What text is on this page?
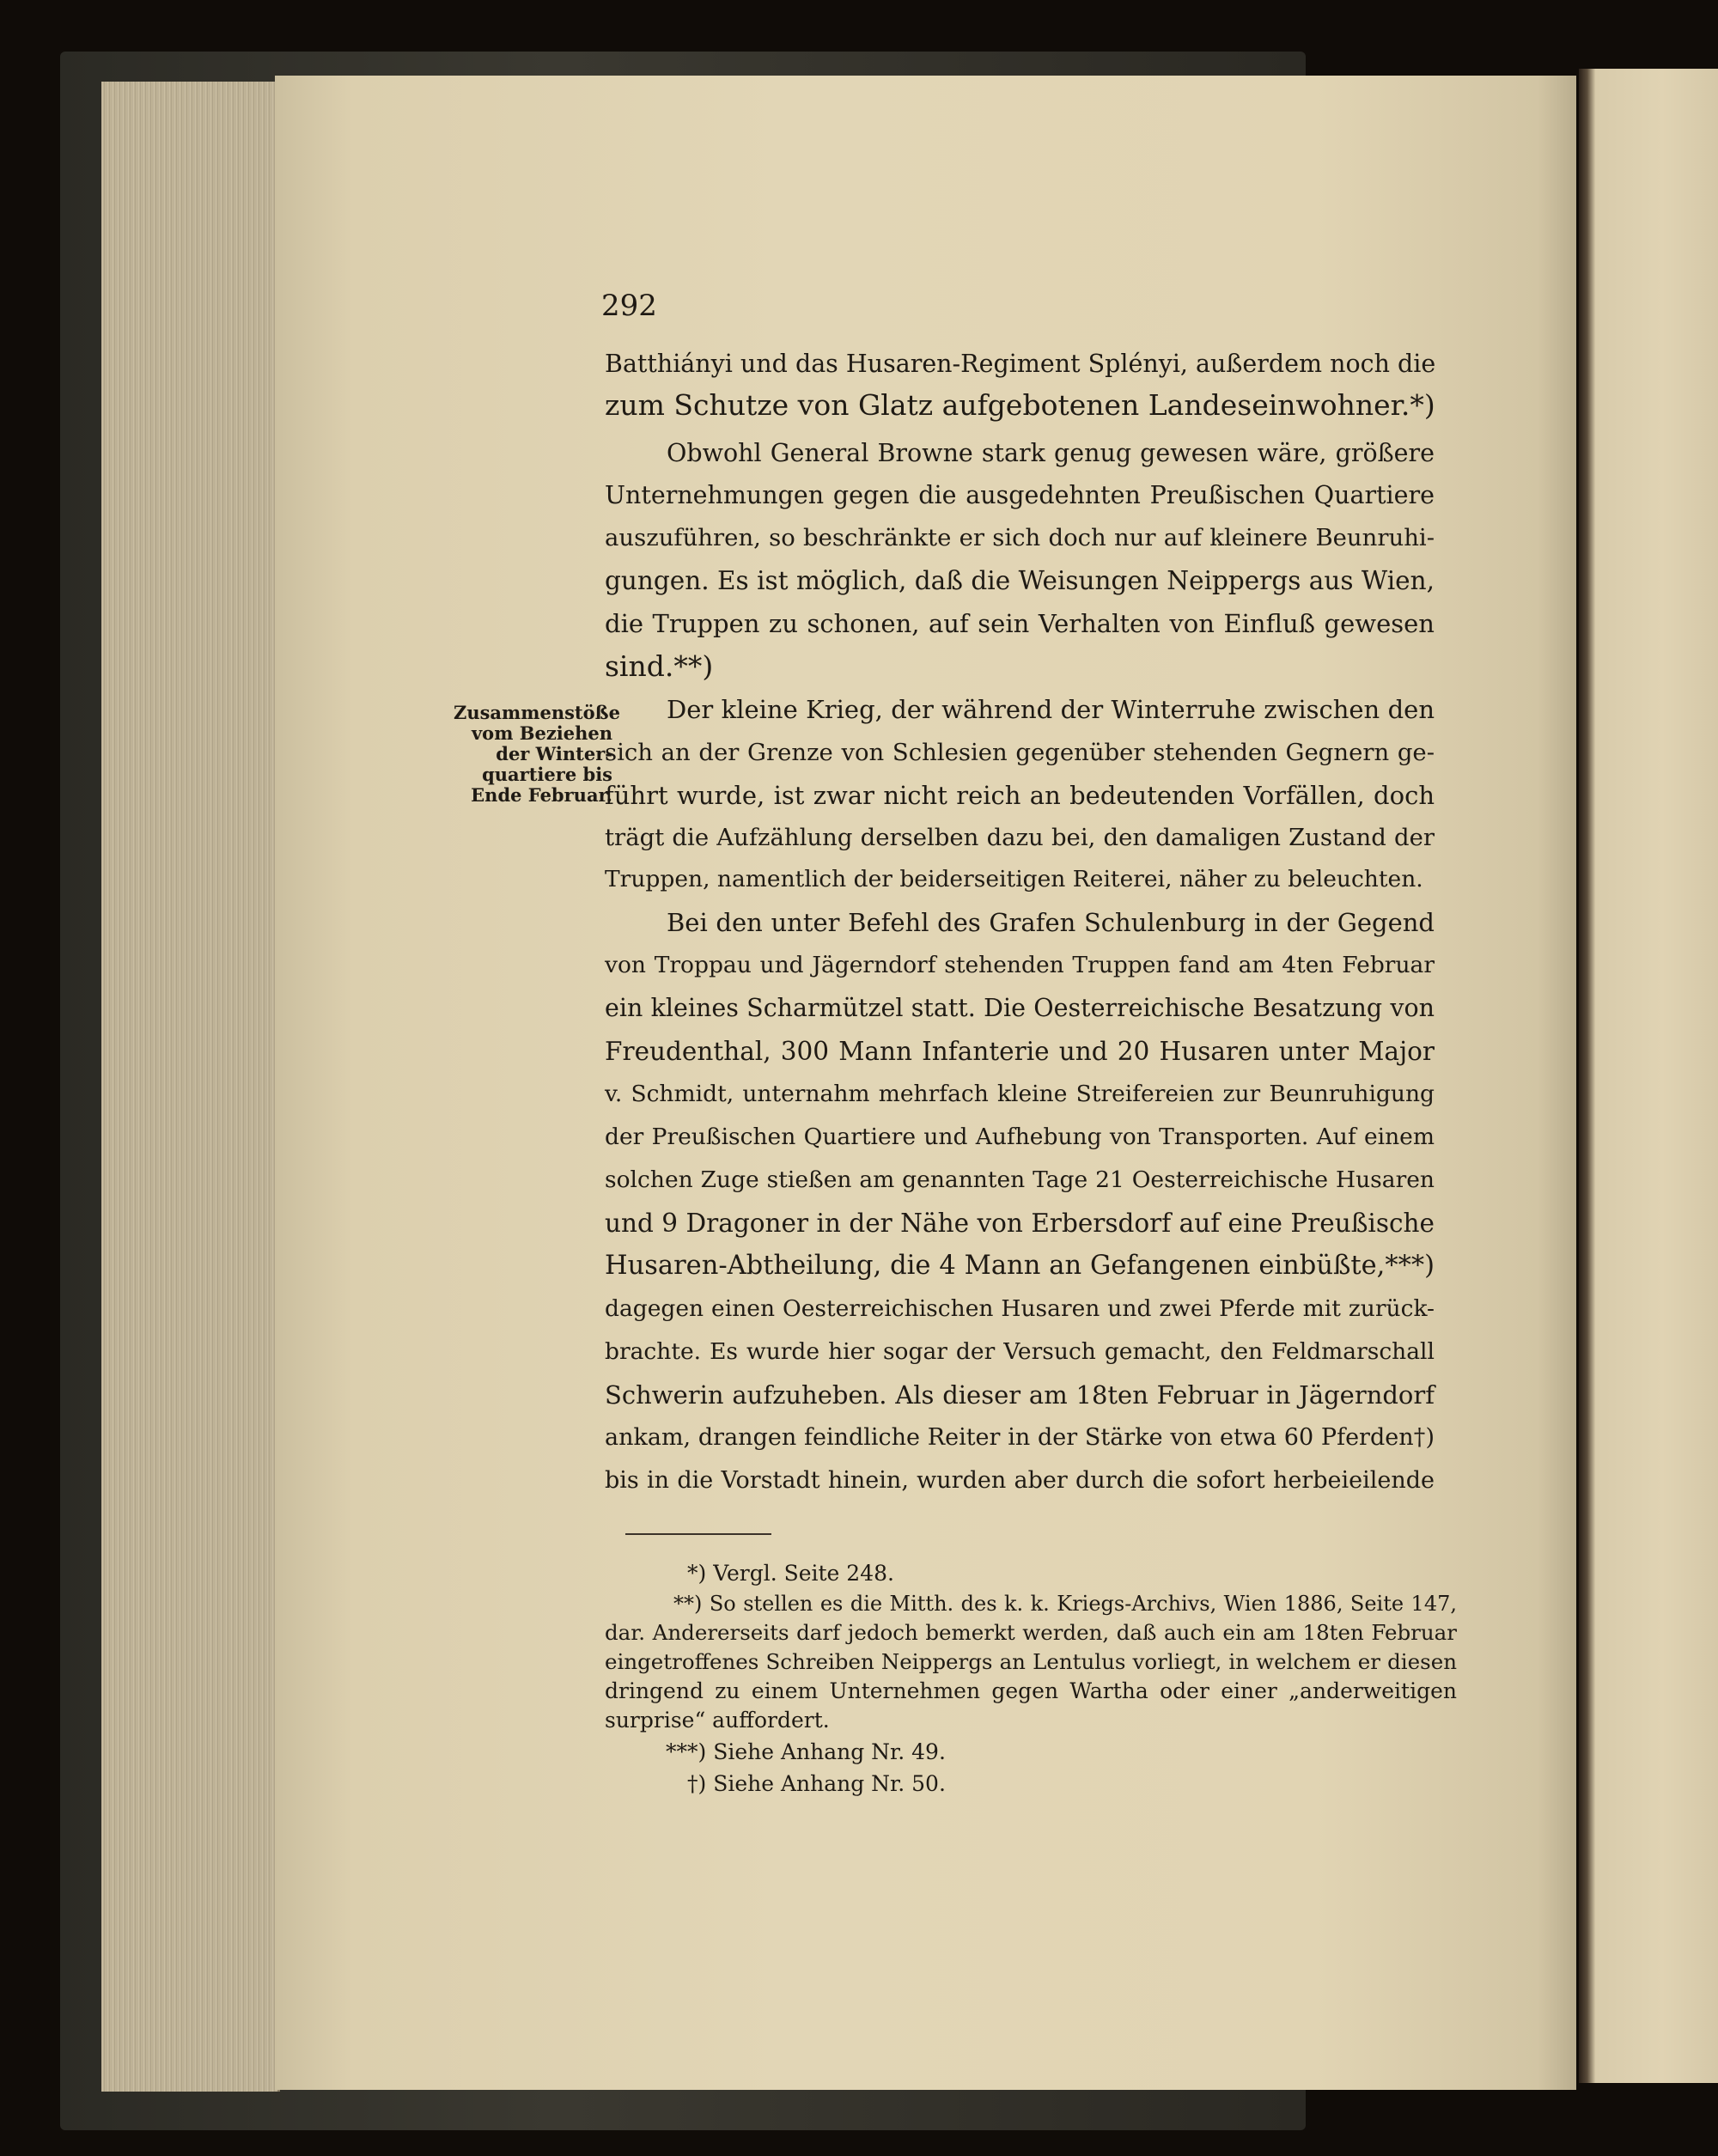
292
Batthiányi und das Husaren-Regiment Splényi, außerdem noch die
zum Schutze von Glatz aufgebotenen Landeseinwohner.*)
Obwohl General Browne stark genug gewesen wäre, größere
Unternehmungen gegen die ausgedehnten Preußischen Quartiere
auszuführen, so beschränkte er sich doch nur auf kleinere Beunruhi-
gungen. Es ist möglich, daß die Weisungen Neippergs aus Wien,
die Truppen zu schonen, auf sein Verhalten von Einfluß gewesen
sind.**)
Zusammenstöße
vom Beziehen
der Winter-
quartiere bis
Ende Februar.
Der kleine Krieg, der während der Winterruhe zwischen den
sich an der Grenze von Schlesien gegenüber stehenden Gegnern ge-
führt wurde, ist zwar nicht reich an bedeutenden Vorfällen, doch
trägt die Aufzählung derselben dazu bei, den damaligen Zustand der
Truppen, namentlich der beiderseitigen Reiterei, näher zu beleuchten.
Bei den unter Befehl des Grafen Schulenburg in der Gegend
von Troppau und Jägerndorf stehenden Truppen fand am 4ten Februar
ein kleines Scharmützel statt. Die Oesterreichische Besatzung von
Freudenthal, 300 Mann Infanterie und 20 Husaren unter Major
v. Schmidt, unternahm mehrfach kleine Streifereien zur Beunruhigung
der Preußischen Quartiere und Aufhebung von Transporten. Auf einem
solchen Zuge stießen am genannten Tage 21 Oesterreichische Husaren
und 9 Dragoner in der Nähe von Erbersdorf auf eine Preußische
Husaren-Abtheilung, die 4 Mann an Gefangenen einbüßte,***)
dagegen einen Oesterreichischen Husaren und zwei Pferde mit zurück-
brachte. Es wurde hier sogar der Versuch gemacht, den Feldmarschall
Schwerin aufzuheben. Als dieser am 18ten Februar in Jägerndorf
ankam, drangen feindliche Reiter in der Stärke von etwa 60 Pferden†)
bis in die Vorstadt hinein, wurden aber durch die sofort herbeieilende
*) Vergl. Seite 248.
**) So stellen es die Mitth. des k. k. Kriegs-Archivs, Wien 1886, Seite 147,
dar. Andererseits darf jedoch bemerkt werden, daß auch ein am 18ten Februar
eingetroffenes Schreiben Neippergs an Lentulus vorliegt, in welchem er diesen
dringend zu einem Unternehmen gegen Wartha oder einer „anderweitigen
surprise“ auffordert.
***) Siehe Anhang Nr. 49.
†) Siehe Anhang Nr. 50.
